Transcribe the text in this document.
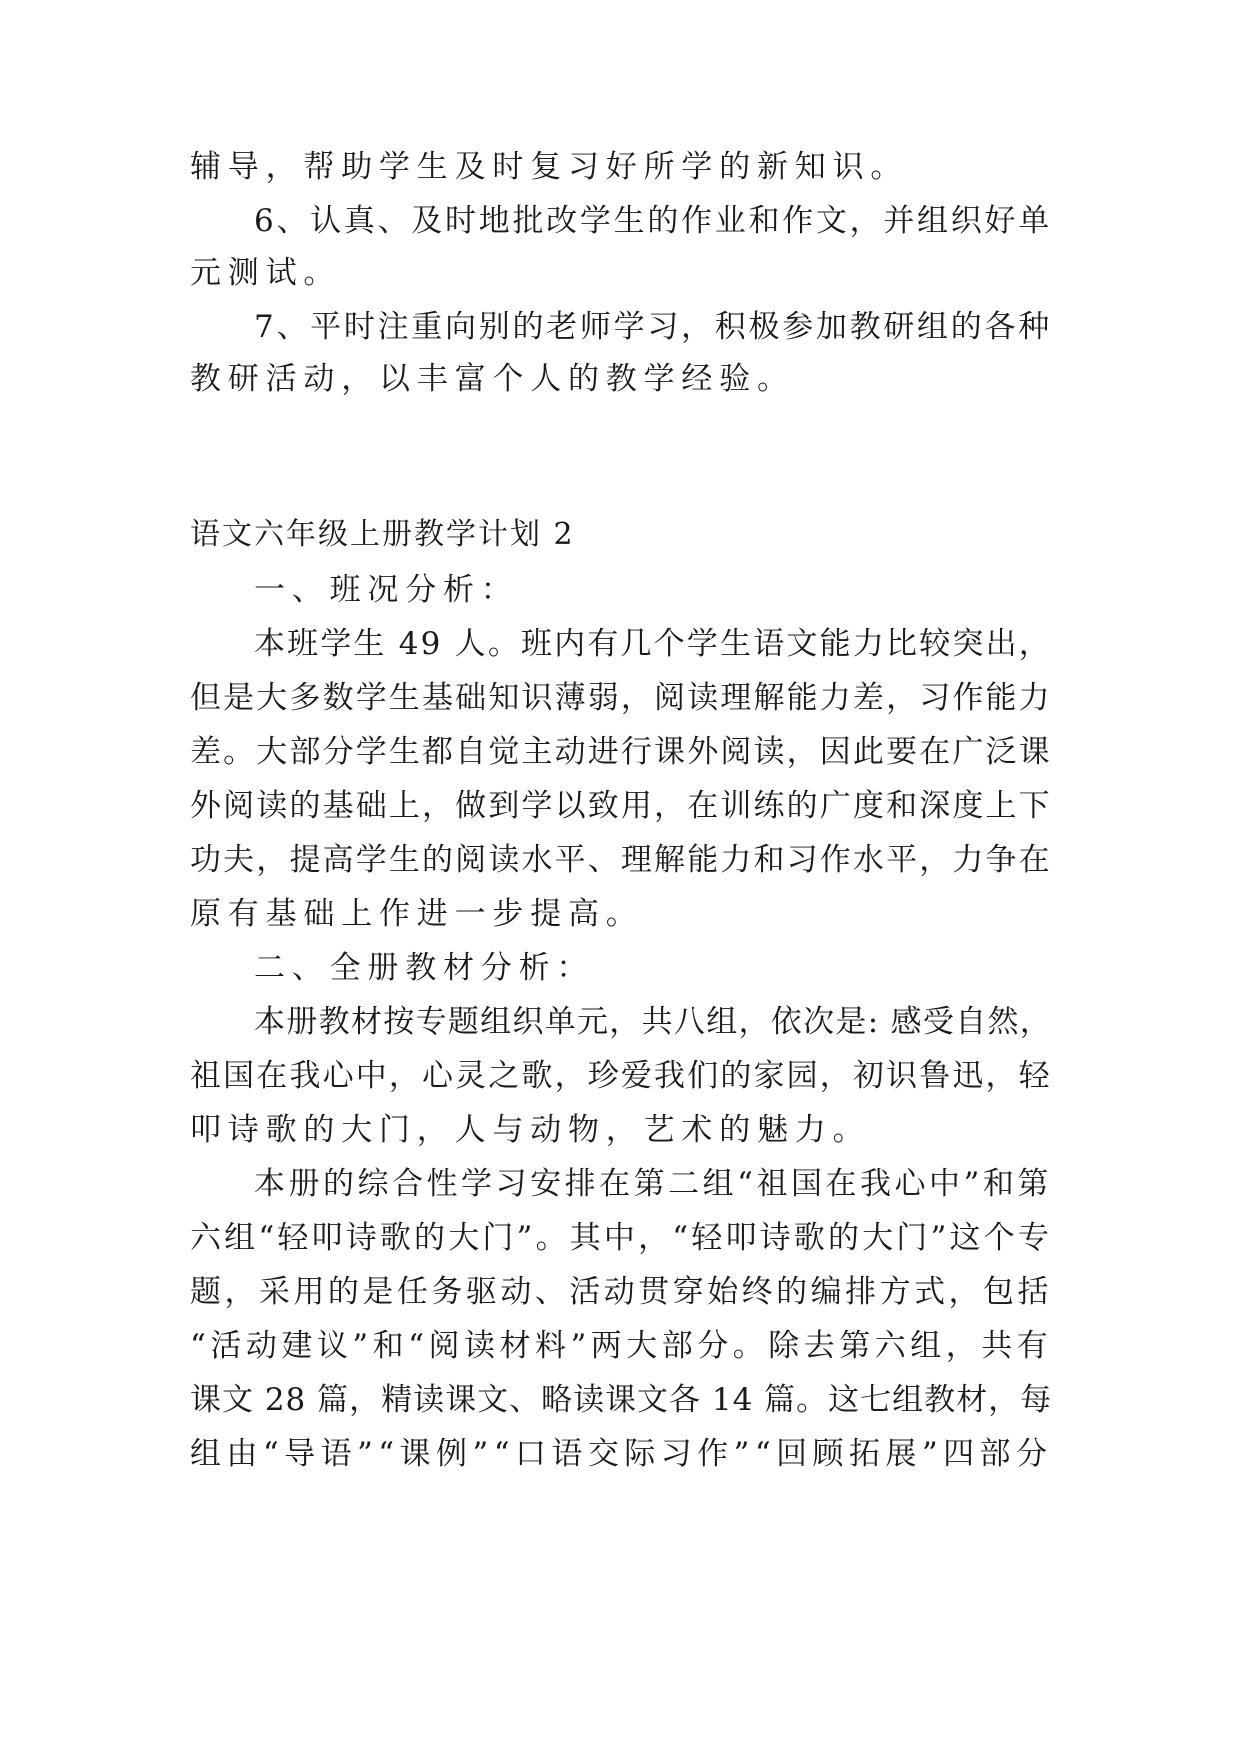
辅导，帮助学生及时复习好所学的新知识。
6、认真、及时地批改学生的作业和作文，并组织好单
元测试。
7、平时注重向别的老师学习，积极参加教研组的各种
教研活动，以丰富个人的教学经验。
语文六年级上册教学计划 2
一、班况分析：
本班学生 49 人。班内有几个学生语文能力比较突出，
但是大多数学生基础知识薄弱，阅读理解能力差，习作能力
差。大部分学生都自觉主动进行课外阅读，因此要在广泛课
外阅读的基础上，做到学以致用，在训练的广度和深度上下
功夫，提高学生的阅读水平、理解能力和习作水平，力争在
原有基础上作进一步提高。
二、全册教材分析：
本册教材按专题组织单元，共八组，依次是: 感受自然，
祖国在我心中，心灵之歌，珍爱我们的家园，初识鲁迅，轻
叩诗歌的大门，人与动物，艺术的魅力。
本册的综合性学习安排在第二组“祖国在我心中”和第
六组“轻叩诗歌的大门”。其中，“轻叩诗歌的大门”这个专
题，采用的是任务驱动、活动贯穿始终的编排方式，包括
“活动建议”和“阅读材料”两大部分。除去第六组，共有
课文 28 篇，精读课文、略读课文各 14 篇。这七组教材，每
组由“导语”“课例”“口语交际习作”“回顾拓展”四部分
